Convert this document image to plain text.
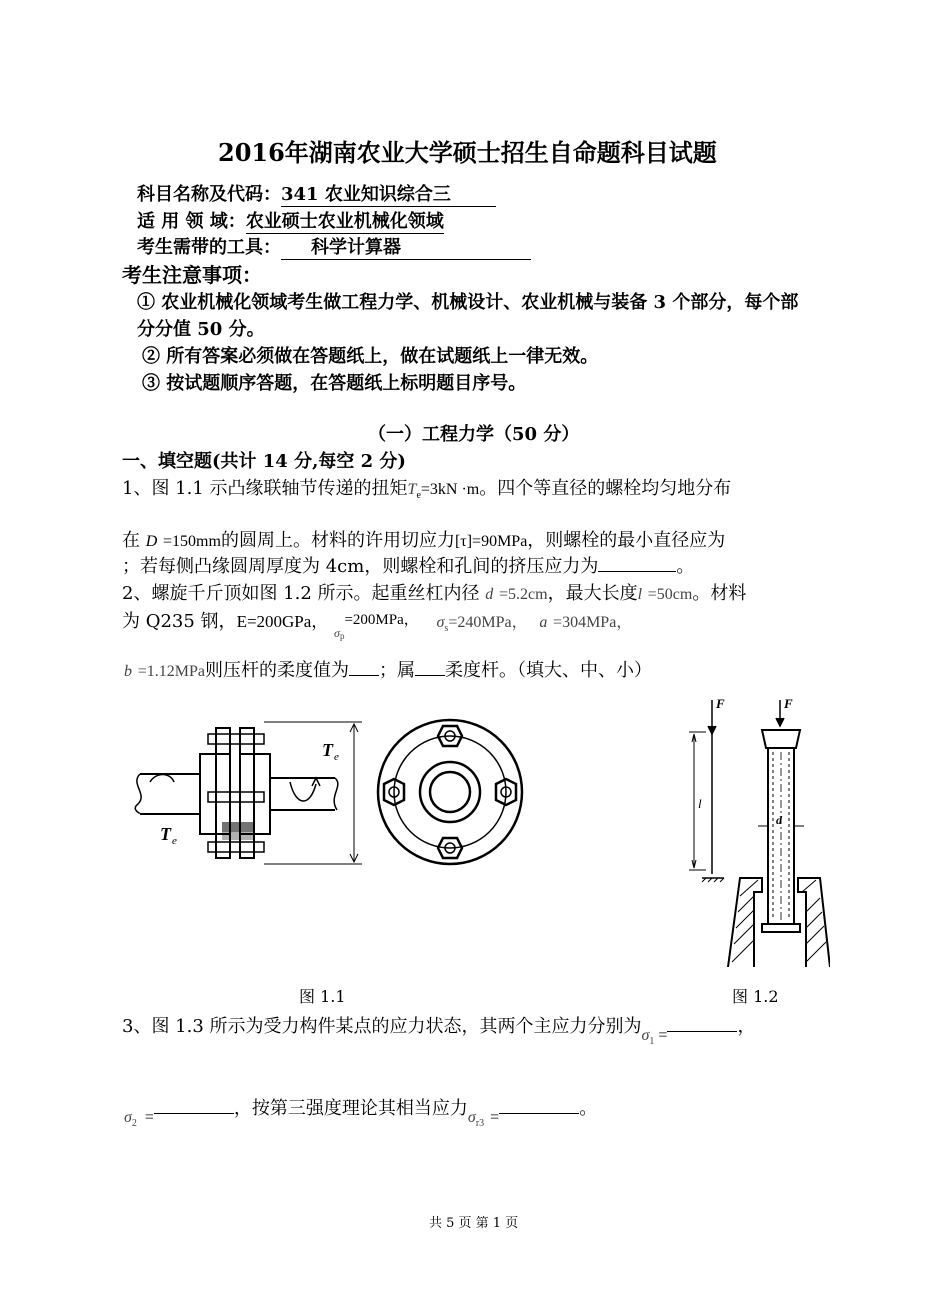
2016年湖南农业大学硕士招生自命题科目试题
科目名称及代码：341 农业知识综合三
适 用 领 域：农业硕士农业机械化领域
考生需带的工具： 科学计算器
考生注意事项：
① 农业机械化领域考生做工程力学、机械设计、农业机械与装备 3 个部分，每个部
分分值 50 分。
② 所有答案必须做在答题纸上，做在试题纸上一律无效。
③ 按试题顺序答题，在答题纸上标明题目序号。
（一）工程力学（50 分）
一、填空题(共计 14 分,每空 2 分)
1、图 1.1 示凸缘联轴节传递的扭矩$T_e=3kN \cdot m$。四个等直径的螺栓均匀地分布
在 D =150mm的圆周上。材料的许用切应力[τ]=90MPa，则螺栓的最小直径应为
；若每侧凸缘圆周厚度为 4cm，则螺栓和孔间的挤压应力为	。
2、螺旋千斤顶如图 1.2 所示。起重丝杠内径 d =5.2cm，最大长度l =50cm。材料
为 Q235 钢，E=200GPa， $_{\sigma p}$=200MPa， $\sigma_s=240MPa$， a =304MPa，
b =1.12MPa则压杆的柔度值为 ；属 柔度杆。（填大、中、小）
T e
T e
F	F
l
d
图 1.1	图 1.2
3、图 1.3 所示为受力构件某点的应力状态，其两个主应力分别为$\sigma_1$ =	，
$\sigma_2$ =	，按第三强度理论其相当应力$\sigma_{r3}$ =	。
共 5 页 第 1 页
